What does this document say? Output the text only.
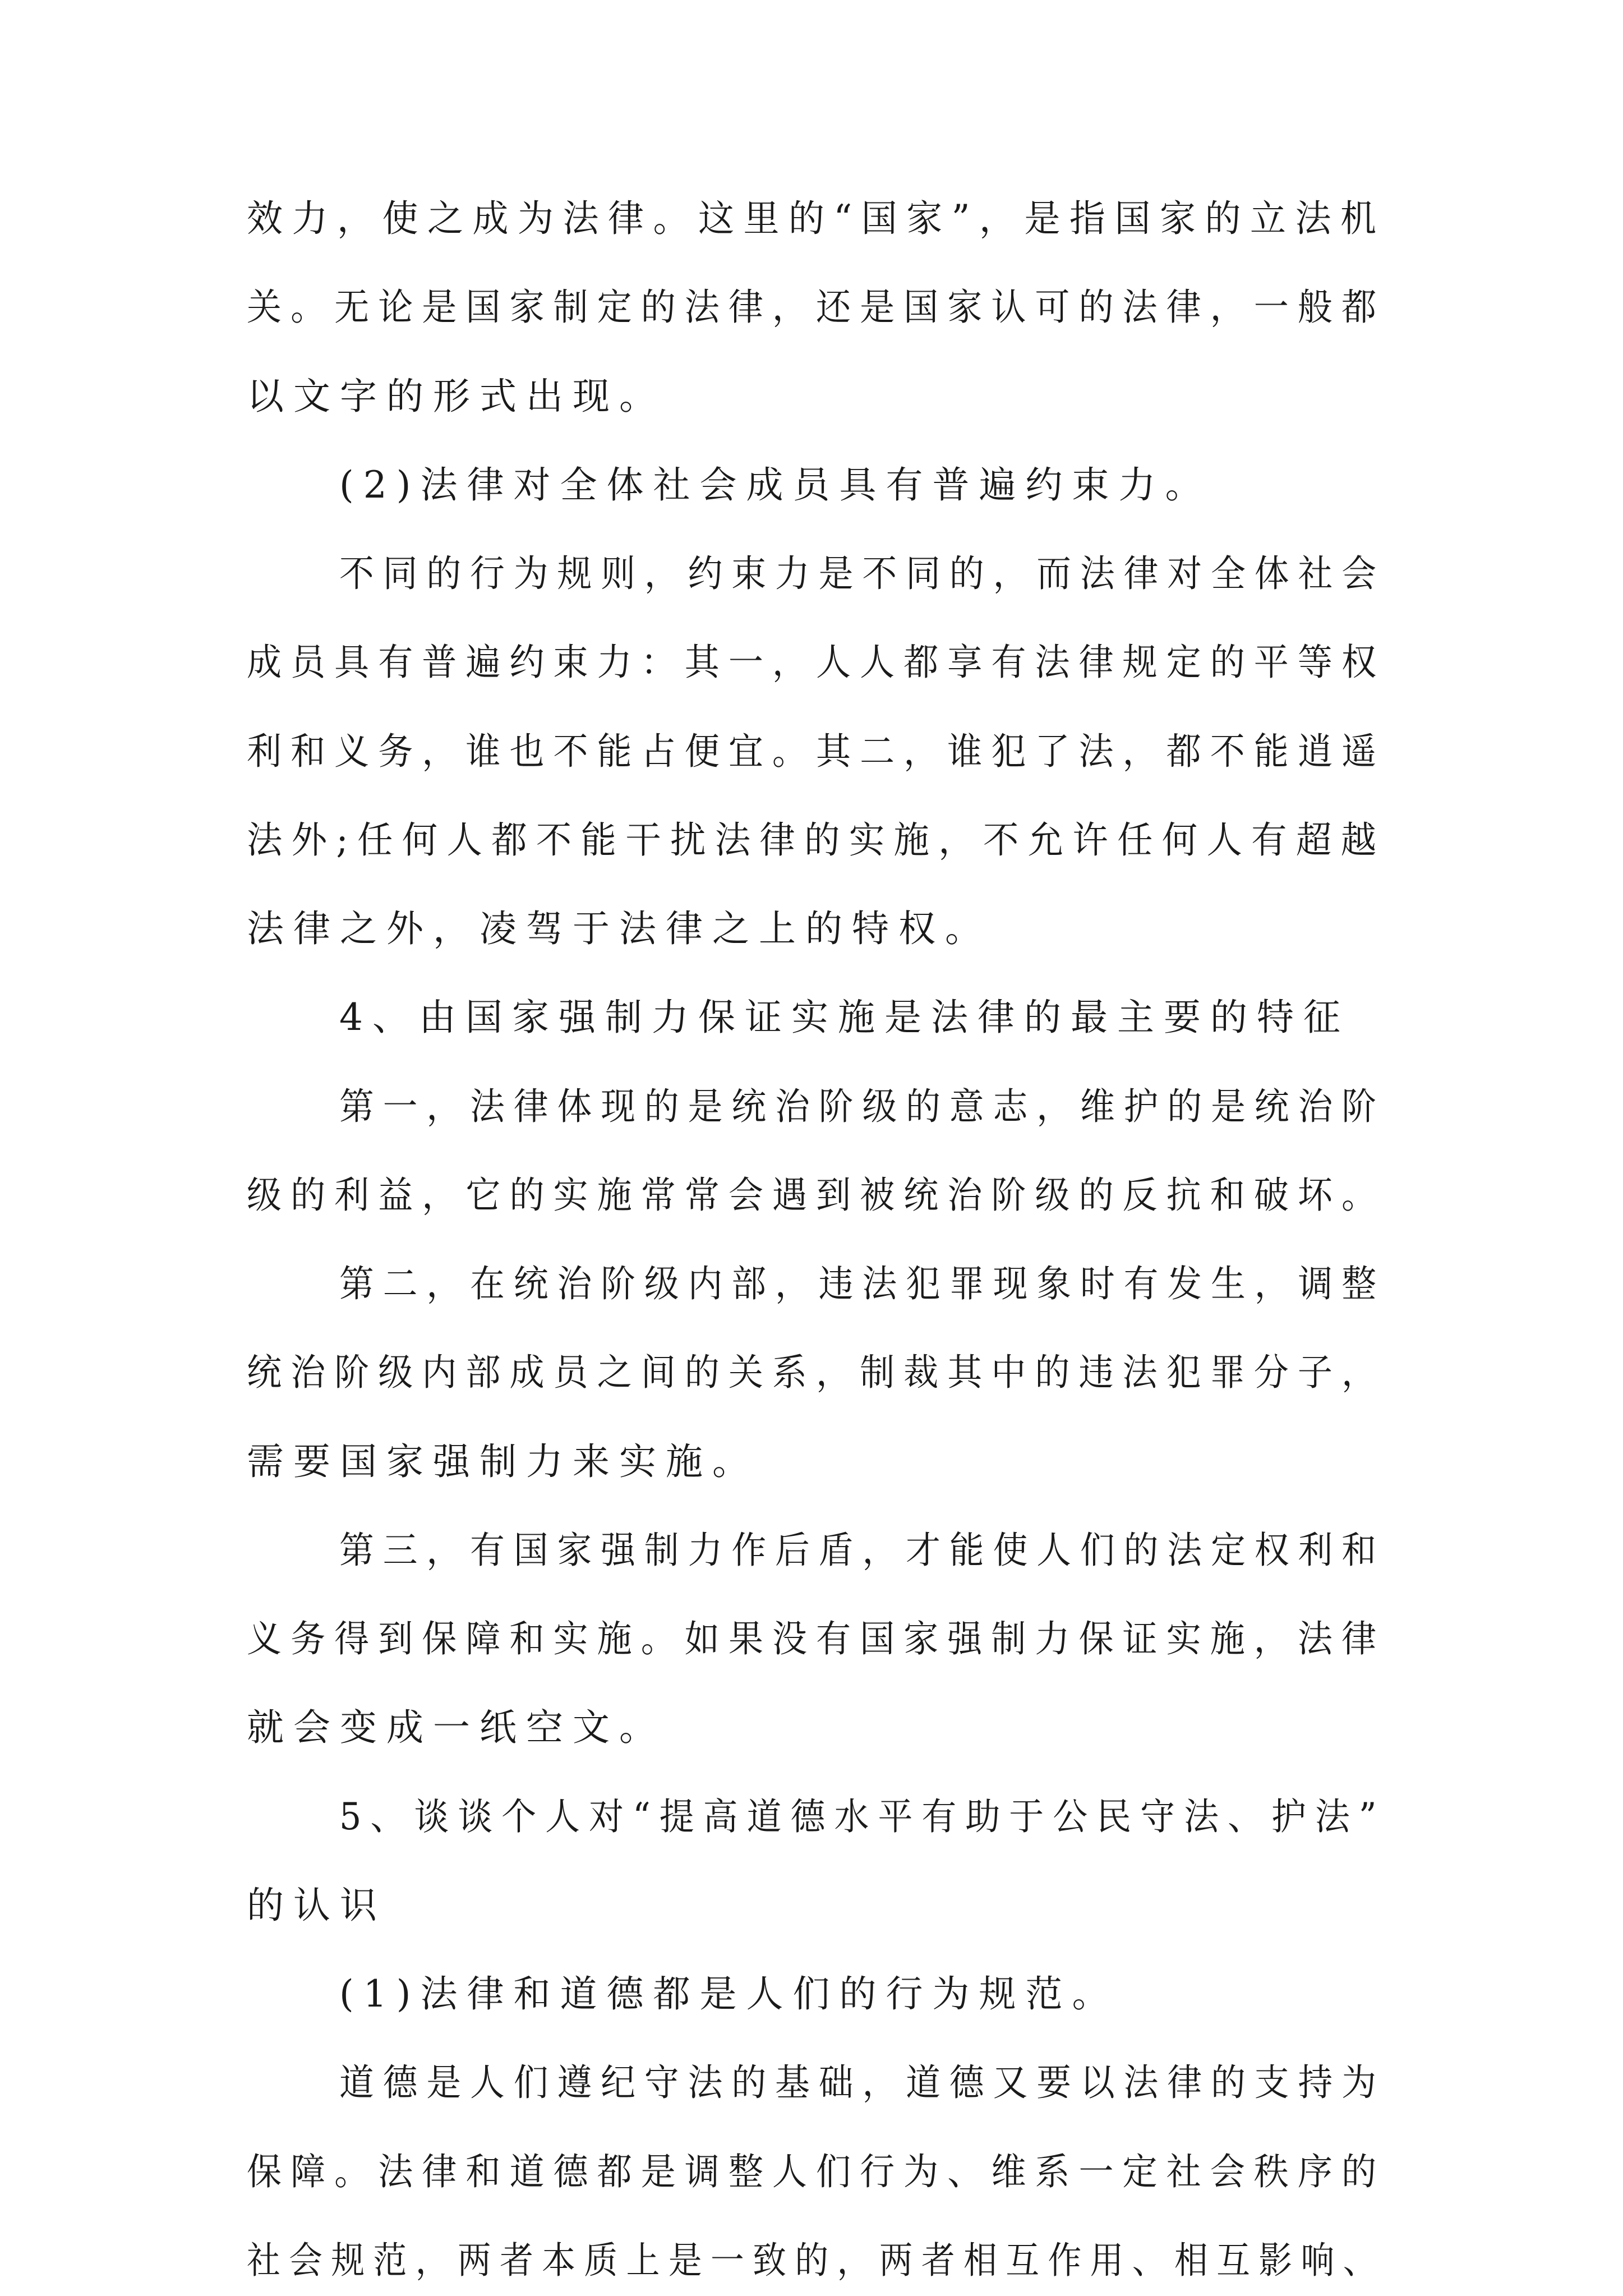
效力，使之成为法律。这里的“国家”，是指国家的立法机
关。无论是国家制定的法律，还是国家认可的法律，一般都
以文字的形式出现。
(2)法律对全体社会成员具有普遍约束力。
不同的行为规则，约束力是不同的，而法律对全体社会
成员具有普遍约束力：其一，人人都享有法律规定的平等权
利和义务，谁也不能占便宜。其二，谁犯了法，都不能逍遥
法外;任何人都不能干扰法律的实施，不允许任何人有超越
法律之外，凌驾于法律之上的特权。
4、由国家强制力保证实施是法律的最主要的特征
第一，法律体现的是统治阶级的意志，维护的是统治阶
级的利益，它的实施常常会遇到被统治阶级的反抗和破坏。
第二，在统治阶级内部，违法犯罪现象时有发生，调整
统治阶级内部成员之间的关系，制裁其中的违法犯罪分子，
需要国家强制力来实施。
第三，有国家强制力作后盾，才能使人们的法定权利和
义务得到保障和实施。如果没有国家强制力保证实施，法律
就会变成一纸空文。
5、谈谈个人对“提高道德水平有助于公民守法、护法”
的认识
(1)法律和道德都是人们的行为规范。
道德是人们遵纪守法的基础，道德又要以法律的支持为
保障。法律和道德都是调整人们行为、维系一定社会秩序的
社会规范，两者本质上是一致的，两者相互作用、相互影响、
